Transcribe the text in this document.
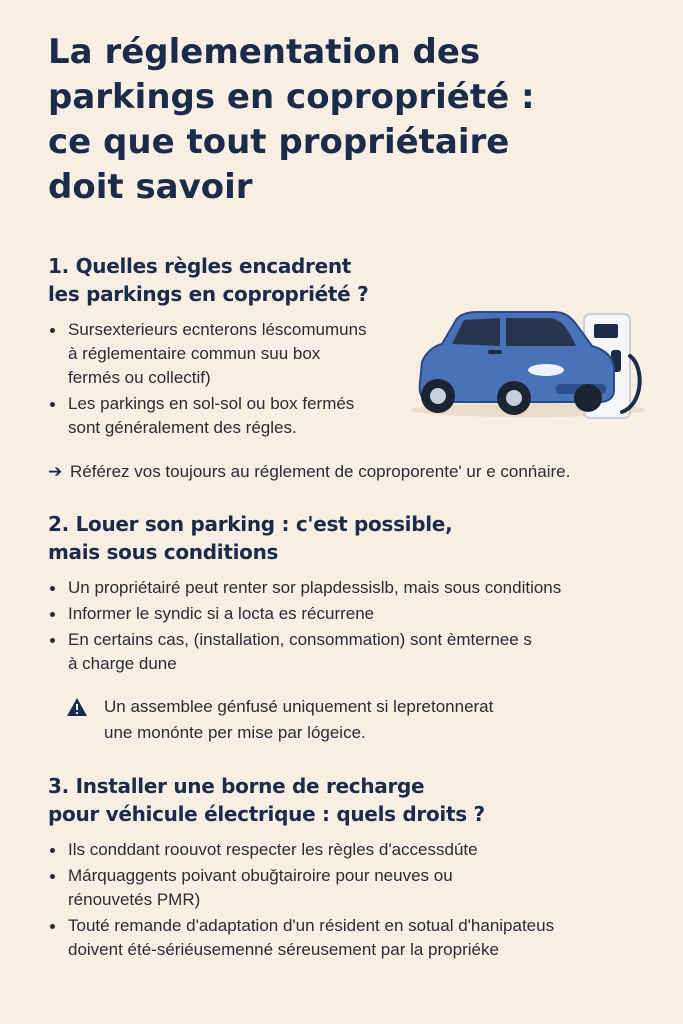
La réglementation des
parkings en copropriété :
ce que tout propriétaire
doit savoir
1. Quelles règles encadrent
les parkings en copropriété ?
Sursexterieurs ecnterons léscomumuns
à réglementaire commun suu box
fermés ou collectif)
Les parkings en sol-sol ou box fermés
sont généralement des régles.
➔ Référez vos toujours au réglement de coproporente' ur e conńaire.
2. Louer son parking : c'est possible,
mais sous conditions
Un propriétairé peut renter sor plapdessislb, mais sous conditions
Informer le syndic si a locta es récurrene
En certains cas, (installation, consommation) sont èmternee s
à charge dune
Un assemblee génfusé uniquement si lepretonnerat
une monónte per mise par lógeice.
3. Installer une borne de recharge
pour véhicule électrique : quels droits ?
Ils conddant roouvot respecter les règles d'accessdúte
Márquaggents poivant obuǧtairoire pour neuves ou
rénouvetés PMR)
Touté remande d'adaptation d'un résident en sotual d'hanipateus
doivent été-sériéusemenné séreusement par la propriéke
